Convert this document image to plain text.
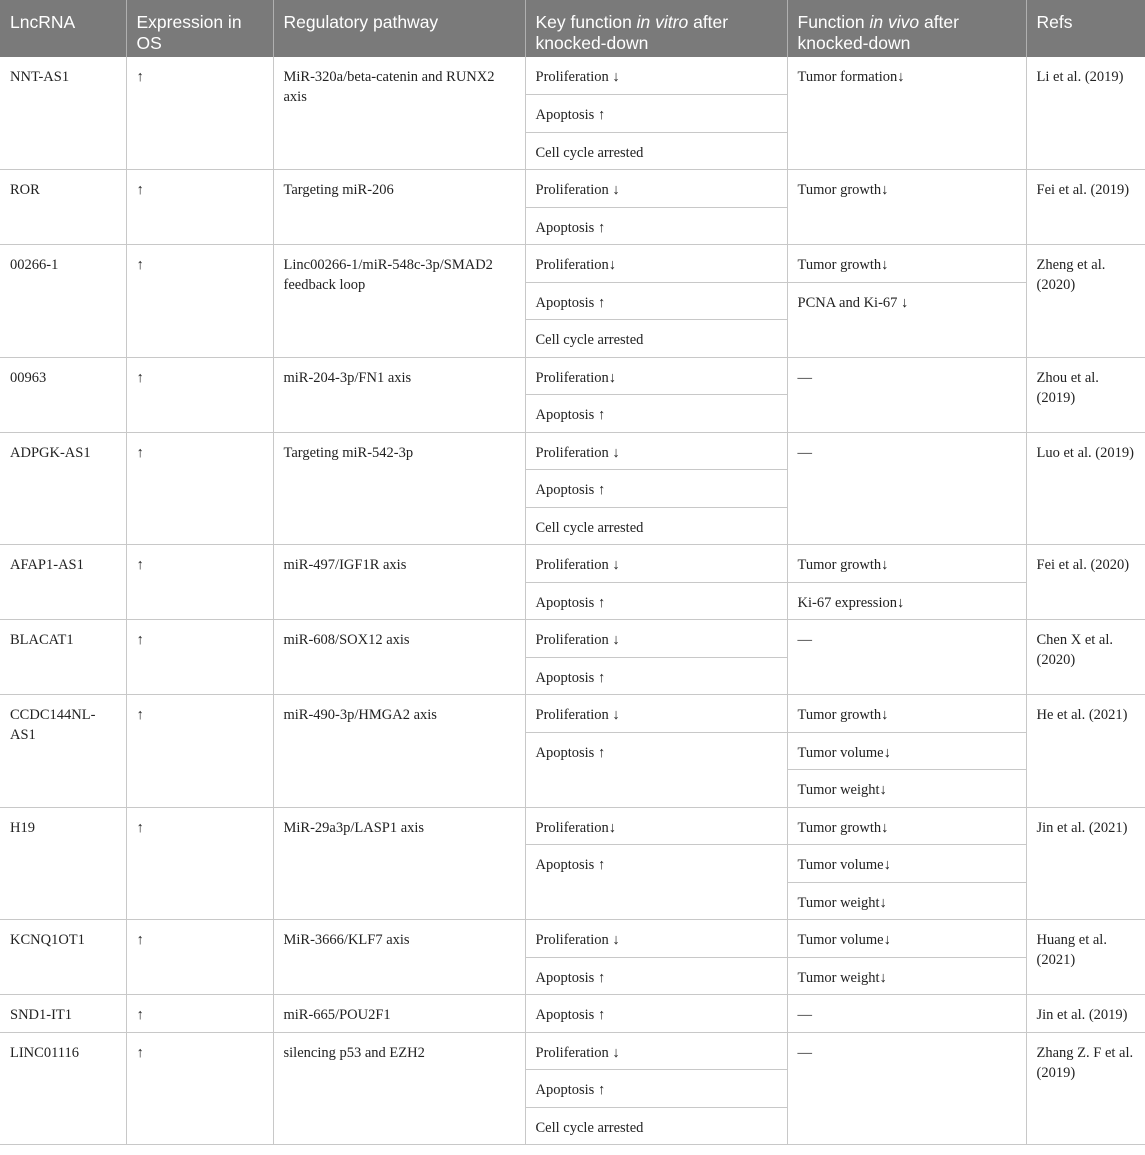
LncRNA	Expression in OS	Regulatory pathway	Key function in vitro after knocked-down	Function in vivo after knocked-down	Refs
NNT-AS1	↑	MiR-320a/beta-catenin and RUNX2 axis	Proliferation ↓	Tumor formation↓	Li et al. (2019)
			Apoptosis ↑		
			Cell cycle arrested		
ROR	↑	Targeting miR-206	Proliferation ↓	Tumor growth↓	Fei et al. (2019)
			Apoptosis ↑		
00266-1	↑	Linc00266-1/miR-548c-3p/SMAD2 feedback loop	Proliferation↓	Tumor growth↓	Zheng et al. (2020)
			Apoptosis ↑	PCNA and Ki-67 ↓	
			Cell cycle arrested		
00963	↑	miR-204-3p/FN1 axis	Proliferation↓	—	Zhou et al. (2019)
			Apoptosis ↑		
ADPGK-AS1	↑	Targeting miR-542-3p	Proliferation ↓	—	Luo et al. (2019)
			Apoptosis ↑		
			Cell cycle arrested		
AFAP1-AS1	↑	miR-497/IGF1R axis	Proliferation ↓	Tumor growth↓	Fei et al. (2020)
			Apoptosis ↑	Ki-67 expression↓	
BLACAT1	↑	miR-608/SOX12 axis	Proliferation ↓	—	Chen X et al. (2020)
			Apoptosis ↑		
CCDC144NL-AS1	↑	miR-490-3p/HMGA2 axis	Proliferation ↓	Tumor growth↓	He et al. (2021)
			Apoptosis ↑	Tumor volume↓	
				Tumor weight↓	
H19	↑	MiR-29a3p/LASP1 axis	Proliferation↓	Tumor growth↓	Jin et al. (2021)
			Apoptosis ↑	Tumor volume↓	
				Tumor weight↓	
KCNQ1OT1	↑	MiR-3666/KLF7 axis	Proliferation ↓	Tumor volume↓	Huang et al. (2021)
			Apoptosis ↑	Tumor weight↓	
SND1-IT1	↑	miR-665/POU2F1	Apoptosis ↑	—	Jin et al. (2019)
LINC01116	↑	silencing p53 and EZH2	Proliferation ↓	—	Zhang Z. F et al. (2019)
			Apoptosis ↑		
			Cell cycle arrested		
